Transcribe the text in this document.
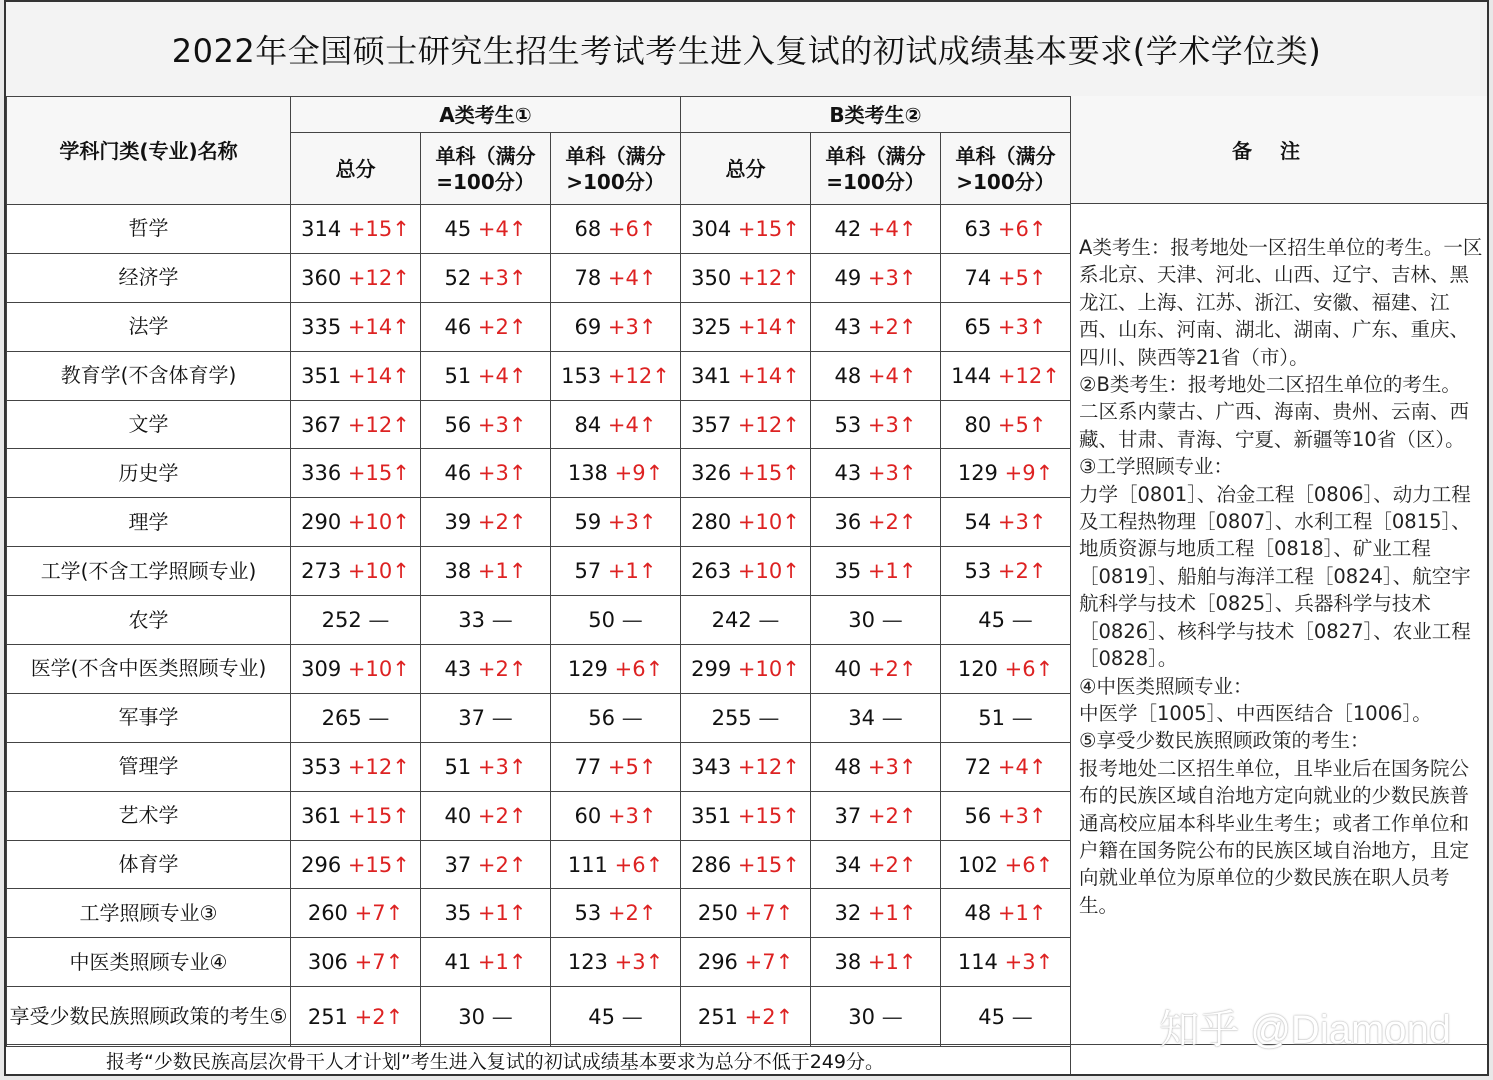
2022年全国硕士研究生招生考试考生进入复试的初试成绩基本要求(学术学位类)
学科门类(专业)名称	A类考生①			B类考生②		
	总分	单科（满分=100分）	单科（满分>100分）	总分	单科（满分=100分）	单科（满分>100分）
哲学	314 +15↑	45 +4↑	68 +6↑	304 +15↑	42 +4↑	63 +6↑
经济学	360 +12↑	52 +3↑	78 +4↑	350 +12↑	49 +3↑	74 +5↑
法学	335 +14↑	46 +2↑	69 +3↑	325 +14↑	43 +2↑	65 +3↑
教育学(不含体育学)	351 +14↑	51 +4↑	153 +12↑	341 +14↑	48 +4↑	144 +12↑
文学	367 +12↑	56 +3↑	84 +4↑	357 +12↑	53 +3↑	80 +5↑
历史学	336 +15↑	46 +3↑	138 +9↑	326 +15↑	43 +3↑	129 +9↑
理学	290 +10↑	39 +2↑	59 +3↑	280 +10↑	36 +2↑	54 +3↑
工学(不含工学照顾专业)	273 +10↑	38 +1↑	57 +1↑	263 +10↑	35 +1↑	53 +2↑
农学	252 —	33 —	50 —	242 —	30 —	45 —
医学(不含中医类照顾专业)	309 +10↑	43 +2↑	129 +6↑	299 +10↑	40 +2↑	120 +6↑
军事学	265 —	37 —	56 —	255 —	34 —	51 —
管理学	353 +12↑	51 +3↑	77 +5↑	343 +12↑	48 +3↑	72 +4↑
艺术学	361 +15↑	40 +2↑	60 +3↑	351 +15↑	37 +2↑	56 +3↑
体育学	296 +15↑	37 +2↑	111 +6↑	286 +15↑	34 +2↑	102 +6↑
工学照顾专业③	260 +7↑	35 +1↑	53 +2↑	250 +7↑	32 +1↑	48 +1↑
中医类照顾专业④	306 +7↑	41 +1↑	123 +3↑	296 +7↑	38 +1↑	114 +3↑
享受少数民族照顾政策的考生⑤	251 +2↑	30 —	45 —	251 +2↑	30 —	45 —
备注

A类考生：报考地处一区招生单位的考生。一区系北京、天津、河北、山西、辽宁、吉林、黑龙江、上海、江苏、浙江、安徽、福建、江西、山东、河南、湖北、湖南、广东、重庆、四川、陕西等21省（市）。

②B类考生：报考地处二区招生单位的考生。

二区系内蒙古、广西、海南、贵州、云南、西藏、甘肃、青海、宁夏、新疆等10省（区）。

③工学照顾专业：

力学［0801］、冶金工程［0806］、动力工程及工程热物理［0807］、水利工程［0815］、地质资源与地质工程［0818］、矿业工程［0819］、船舶与海洋工程［0824］、航空宇航科学与技术［0825］、兵器科学与技术［0826］、核科学与技术［0827］、农业工程［0828］。

④中医类照顾专业：

中医学［1005］、中西医结合［1006］。

⑤享受少数民族照顾政策的考生：

报考地处二区招生单位，且毕业后在国务院公布的民族区域自治地方定向就业的少数民族普通高校应届本科毕业生考生；或者工作单位和户籍在国务院公布的民族区域自治地方，且定向就业单位为原单位的少数民族在职人员考生。

报考“少数民族高层次骨干人才计划”考生进入复试的初试成绩基本要求为总分不低于249分。
知乎 @Diamond
